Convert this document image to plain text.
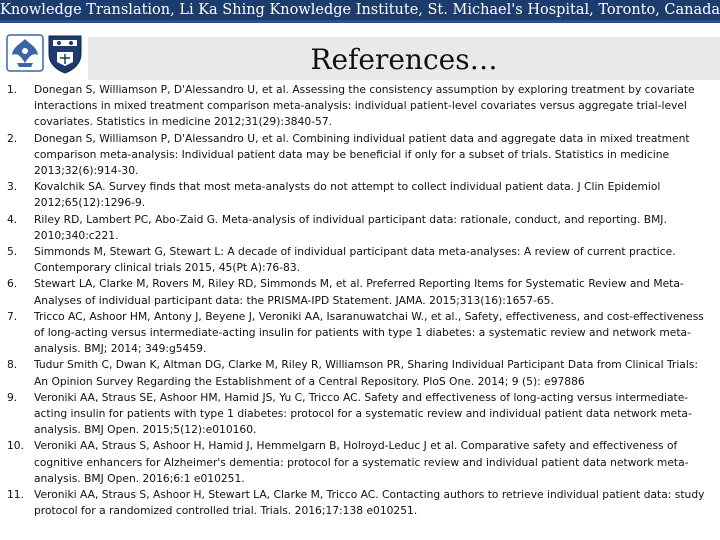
Knowledge Translation, Li Ka Shing Knowledge Institute, St. Michael's Hospital, Toronto, Canada
References…
1. Donegan S, Williamson P, D'Alessandro U, et al. Assessing the consistency assumption by exploring treatment by covariate interactions in mixed treatment comparison meta-analysis: individual patient-level covariates versus aggregate trial-level covariates. Statistics in medicine 2012;31(29):3840-57.
2. Donegan S, Williamson P, D'Alessandro U, et al. Combining individual patient data and aggregate data in mixed treatment comparison meta-analysis: Individual patient data may be beneficial if only for a subset of trials. Statistics in medicine 2013;32(6):914-30.
3. Kovalchik SA. Survey finds that most meta-analysts do not attempt to collect individual patient data. J Clin Epidemiol 2012;65(12):1296-9.
4. Riley RD, Lambert PC, Abo-Zaid G. Meta-analysis of individual participant data: rationale, conduct, and reporting. BMJ. 2010;340:c221.
5. Simmonds M, Stewart G, Stewart L: A decade of individual participant data meta-analyses: A review of current practice. Contemporary clinical trials 2015, 45(Pt A):76-83.
6. Stewart LA, Clarke M, Rovers M, Riley RD, Simmonds M, et al. Preferred Reporting Items for Systematic Review and Meta-Analyses of individual participant data: the PRISMA-IPD Statement. JAMA. 2015;313(16):1657-65.
7. Tricco AC, Ashoor HM, Antony J, Beyene J, Veroniki AA, Isaranuwatchai W., et al., Safety, effectiveness, and cost-effectiveness of long-acting versus intermediate-acting insulin for patients with type 1 diabetes: a systematic review and network meta-analysis. BMJ; 2014; 349:g5459.
8. Tudur Smith C, Dwan K, Altman DG, Clarke M, Riley R, Williamson PR, Sharing Individual Participant Data from Clinical Trials: An Opinion Survey Regarding the Establishment of a Central Repository. PloS One. 2014; 9 (5): e97886
9. Veroniki AA, Straus SE, Ashoor HM, Hamid JS, Yu C, Tricco AC. Safety and effectiveness of long-acting versus intermediate-acting insulin for patients with type 1 diabetes: protocol for a systematic review and individual patient data network meta-analysis. BMJ Open. 2015;5(12):e010160.
10. Veroniki AA, Straus S, Ashoor H, Hamid J, Hemmelgarn B, Holroyd-Leduc J et al. Comparative safety and effectiveness of cognitive enhancers for Alzheimer's dementia: protocol for a systematic review and individual patient data network meta-analysis. BMJ Open. 2016;6:1 e010251.
11. Veroniki AA, Straus S, Ashoor H, Stewart LA, Clarke M, Tricco AC. Contacting authors to retrieve individual patient data: study protocol for a randomized controlled trial. Trials. 2016;17:138 e010251.
